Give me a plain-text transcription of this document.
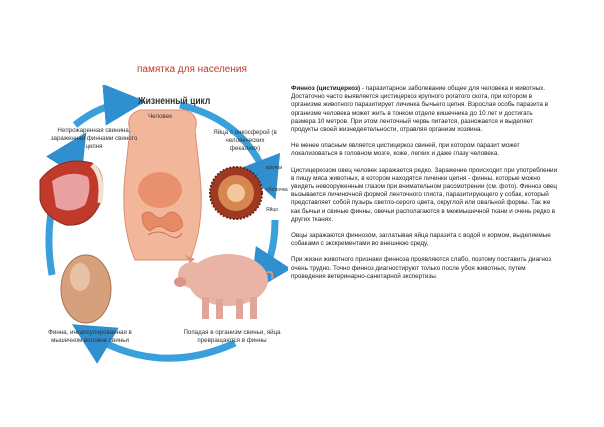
памятка для населения
Жизненный цикл
Человек
Непрожаренная свинина, зараженная финнами свиного цепня
Яйца с онкосферой (в человеческих фекалиях)
крючки
оболочка
Яйцо
Финна, инкапсулированная в мышечном волокне свиньи
Попадая в организм свиньи, яйца превращаются в финны

Финноз (цистицеркоз) - паразитарное заболевание общее для человека и животных. Достаточно часто выявляется цистицеркоз крупного рогатого скота, при котором в организме животного паразитирует личинка бычьего цепня. Взрослая особь паразита в организме человека может жить в тонком отделе кишечника до 10 лет и достигать размера 10 метров. При этом ленточный червь питается, разножается и выделяет продукты своей жизнедеятельности, отравляя организм хозяина.

Не менее опасным является цистицеркоз свиней, при котором паразит может локализоваться в головном мозге, коже, легких и даже глазу человека.

Цистицеркозом овец человек заражается редко. Заражение происходит при употреблении в пищу мяса животных, в котором находятся личинки цепня - финны, которые можно увидеть невооруженным глазом при внимательном рассмотрении (см. фото). Финноз овец вызывается личиночной формой ленточного глиста, паразитирующего у собак, который представляет собой пузырь светло-серого цвета, округлой или овальной формы. Так же как бычьи и свиные финны, овечьи располагаются в межмышечной ткани и очень редко в других тканях.

Овцы заражаются финнозом, заглатывая яйца паразита с водой и кормом, выделяемые собаками с экскрементами во внешнюю среду,

При жизни животного признаки финноза проявляются слабо, поэтому поставить диагноз очень трудно. Точно финноз диагностируют только после убоя животных, путем проведения ветеринарно-санитарной экспертизы.
